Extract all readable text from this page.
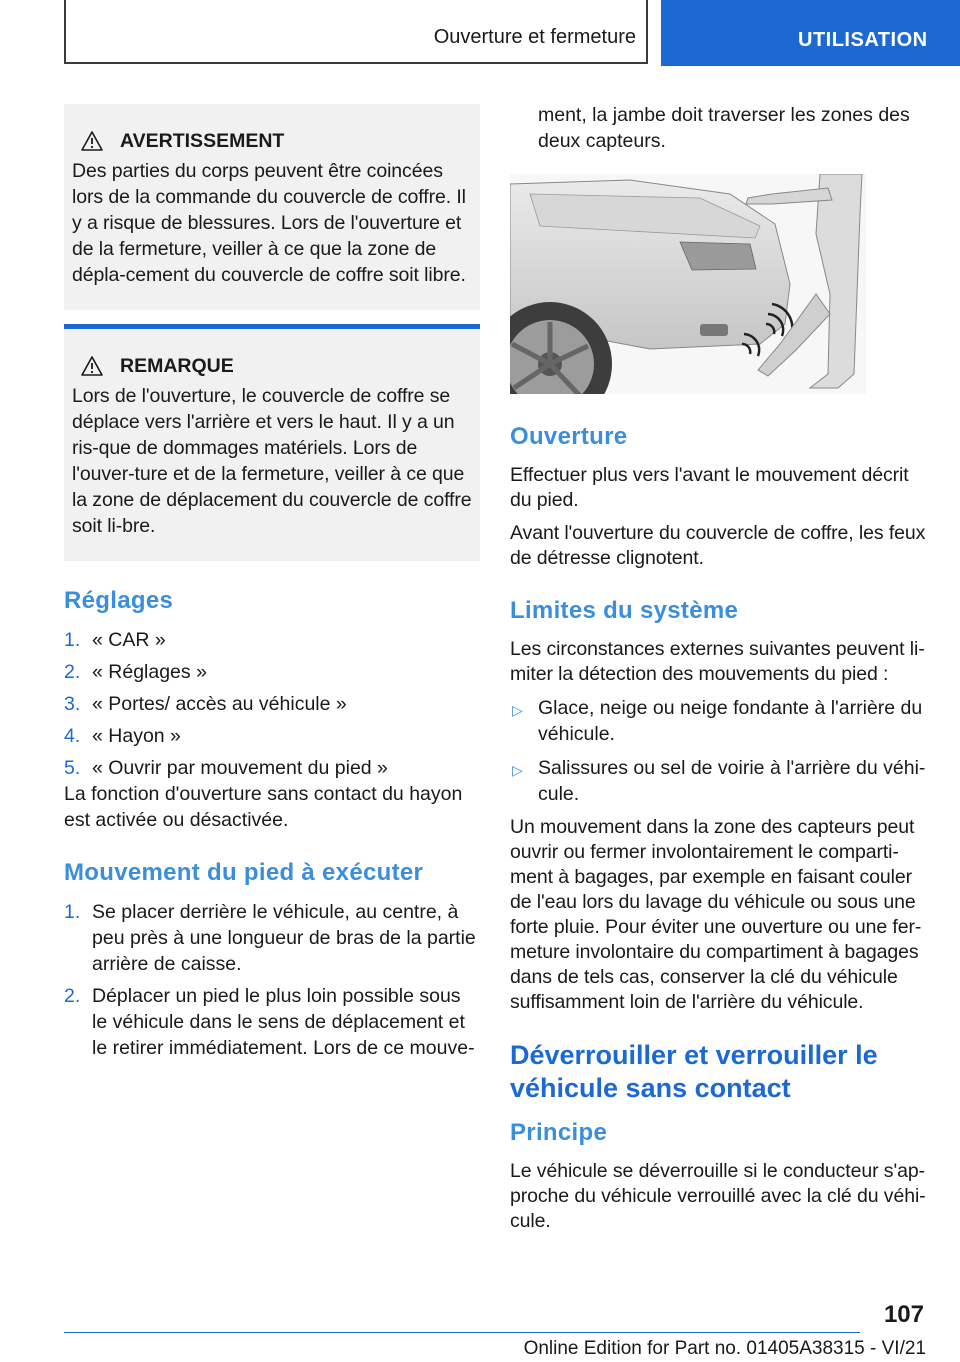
Ouverture et fermeture	UTILISATION
AVERTISSEMENT

Des parties du corps peuvent être coincées lors de la commande du couvercle de coffre. Il y a risque de blessures. Lors de l'ouverture et de la fermeture, veiller à ce que la zone de dépla-cement du couvercle de coffre soit libre.

REMARQUE

Lors de l'ouverture, le couvercle de coffre se déplace vers l'arrière et vers le haut. Il y a un ris-que de dommages matériels. Lors de l'ouver-ture et de la fermeture, veiller à ce que la zone de déplacement du couvercle de coffre soit li-bre.

Réglages
1. « CAR »
2. « Réglages »
3. « Portes/ accès au véhicule »
4. « Hayon »
5. « Ouvrir par mouvement du pied »
La fonction d'ouverture sans contact du hayon est activée ou désactivée.
Mouvement du pied à exécuter
1. Se placer derrière le véhicule, au centre, à peu près à une longueur de bras de la partie arrière de caisse.
2. Déplacer un pied le plus loin possible sous le véhicule dans le sens de déplacement et le retirer immédiatement. Lors de ce mouve-
ment, la jambe doit traverser les zones des deux capteurs.
Ouverture

Effectuer plus vers l'avant le mouvement décrit du pied.

Avant l'ouverture du couvercle de coffre, les feux de détresse clignotent.

Limites du système

Les circonstances externes suivantes peuvent li-miter la détection des mouvements du pied :

▷ Glace, neige ou neige fondante à l'arrière du véhicule.
▷ Salissures ou sel de voirie à l'arrière du véhi-cule.

Un mouvement dans la zone des capteurs peut ouvrir ou fermer involontairement le comparti-ment à bagages, par exemple en faisant couler de l'eau lors du lavage du véhicule ou sous une forte pluie. Pour éviter une ouverture ou une fer-meture involontaire du compartiment à bagages dans de tels cas, conserver la clé du véhicule suffisamment loin de l'arrière du véhicule.

Déverrouiller et verrouiller le véhicule sans contact
Principe

Le véhicule se déverrouille si le conducteur s'ap-proche du véhicule verrouillé avec la clé du véhi-cule.

107
Online Edition for Part no. 01405A38315 - VI/21
